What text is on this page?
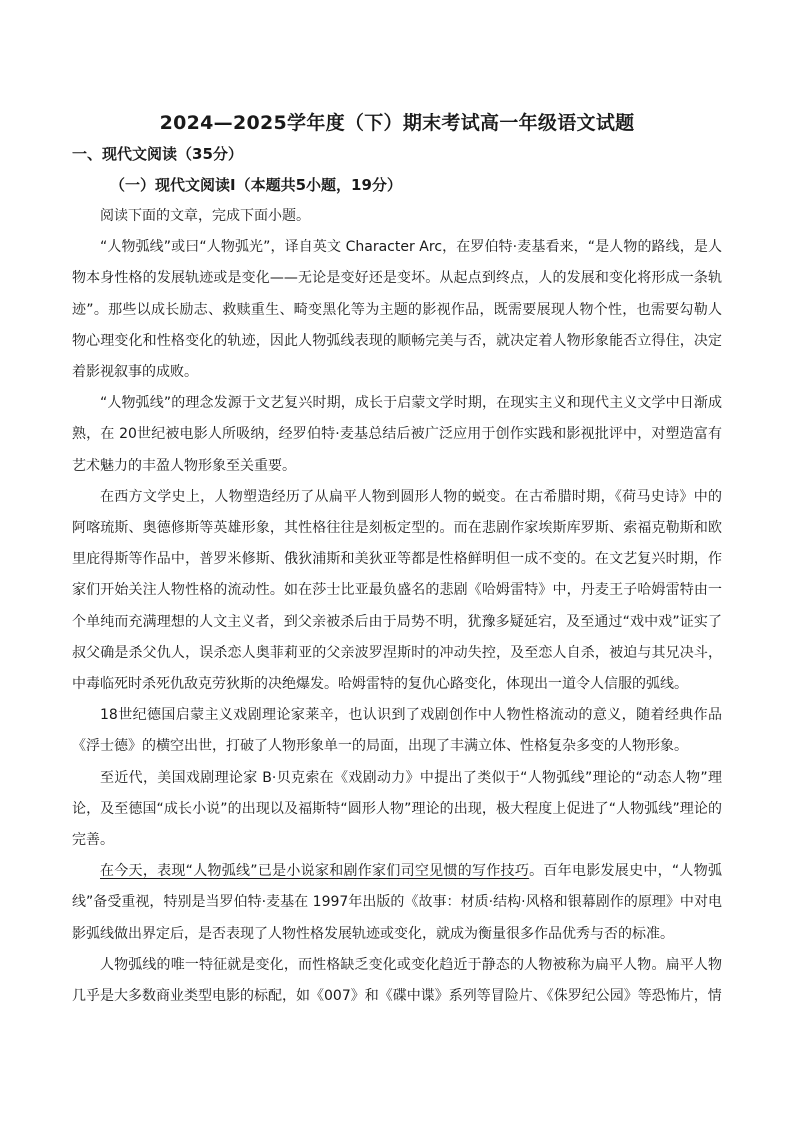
2024—2025学年度（下）期末考试高一年级语文试题
一、现代文阅读（35分）
（一）现代文阅读Ⅰ（本题共5小题，19分）

阅读下面的文章，完成下面小题。

“人物弧线”或曰“人物弧光”，译自英文 Character Arc，在罗伯特·麦基看来，“是人物的路线，是人物本身性格的发展轨迹或是变化——无论是变好还是变坏。从起点到终点，人的发展和变化将形成一条轨迹”。那些以成长励志、救赎重生、畸变黑化等为主题的影视作品，既需要展现人物个性，也需要勾勒人物心理变化和性格变化的轨迹，因此人物弧线表现的顺畅完美与否，就决定着人物形象能否立得住，决定着影视叙事的成败。

“人物弧线”的理念发源于文艺复兴时期，成长于启蒙文学时期，在现实主义和现代主义文学中日渐成熟，在 20世纪被电影人所吸纳，经罗伯特·麦基总结后被广泛应用于创作实践和影视批评中，对塑造富有艺术魅力的丰盈人物形象至关重要。

在西方文学史上，人物塑造经历了从扁平人物到圆形人物的蜕变。在古希腊时期，《荷马史诗》中的阿喀琉斯、奥德修斯等英雄形象，其性格往往是刻板定型的。而在悲剧作家埃斯库罗斯、索福克勒斯和欧里庇得斯等作品中，普罗米修斯、俄狄浦斯和美狄亚等都是性格鲜明但一成不变的。在文艺复兴时期，作家们开始关注人物性格的流动性。如在莎士比亚最负盛名的悲剧《哈姆雷特》中，丹麦王子哈姆雷特由一个单纯而充满理想的人文主义者，到父亲被杀后由于局势不明，犹豫多疑延宕，及至通过“戏中戏”证实了叔父确是杀父仇人，误杀恋人奥菲莉亚的父亲波罗涅斯时的冲动失控，及至恋人自杀，被迫与其兄决斗，中毒临死时杀死仇敌克劳狄斯的决绝爆发。哈姆雷特的复仇心路变化，体现出一道令人信服的弧线。

18世纪德国启蒙主义戏剧理论家莱辛，也认识到了戏剧创作中人物性格流动的意义，随着经典作品《浮士德》的横空出世，打破了人物形象单一的局面，出现了丰满立体、性格复杂多变的人物形象。

至近代，美国戏剧理论家 B·贝克索在《戏剧动力》中提出了类似于“人物弧线”理论的“动态人物”理论，及至德国“成长小说”的出现以及福斯特“圆形人物”理论的出现，极大程度上促进了“人物弧线”理论的完善。

在今天，表现“人物弧线”已是小说家和剧作家们司空见惯的写作技巧。百年电影发展史中，“人物弧线”备受重视，特别是当罗伯特·麦基在 1997年出版的《故事：材质·结构·风格和银幕剧作的原理》中对电影弧线做出界定后，是否表现了人物性格发展轨迹或变化，就成为衡量很多作品优秀与否的标准。

人物弧线的唯一特征就是变化，而性格缺乏变化或变化趋近于静态的人物被称为扁平人物。扁平人物几乎是大多数商业类型电影的标配，如《007》和《碟中谍》系列等冒险片、《侏罗纪公园》等恐怖片，情
